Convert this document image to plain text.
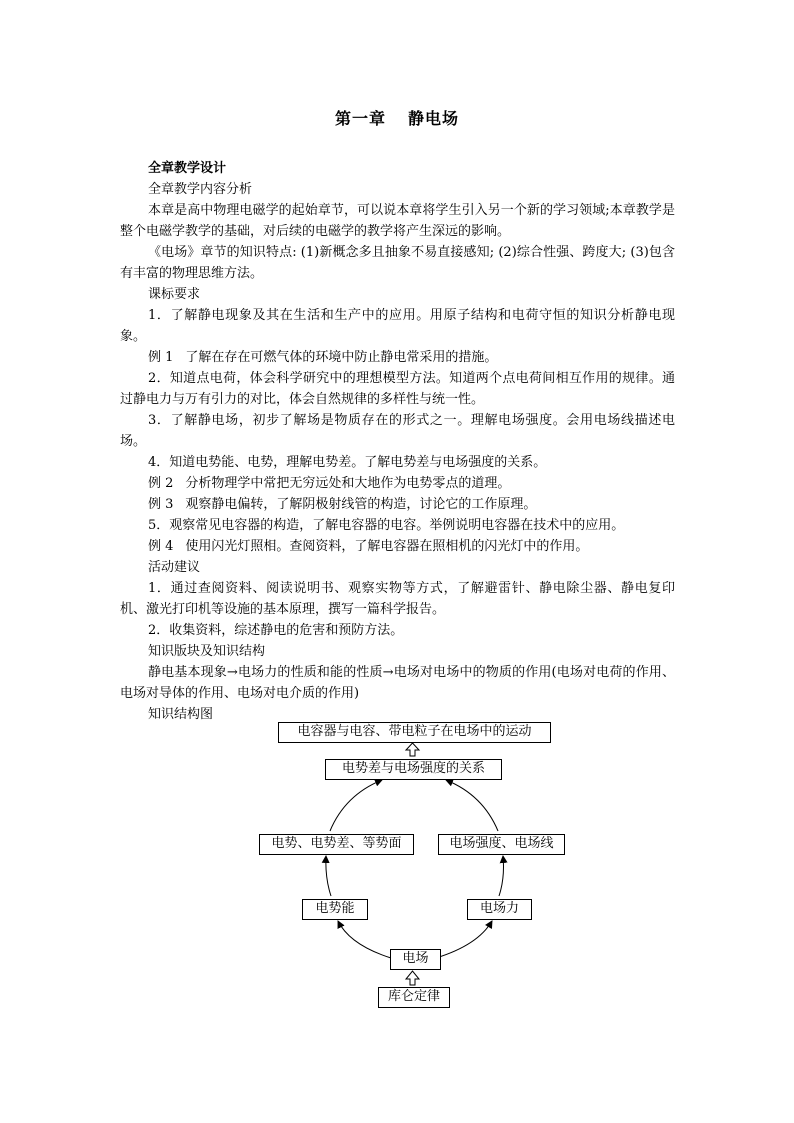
第一章 静电场

全章教学设计

全章教学内容分析

本章是高中物理电磁学的起始章节，可以说本章将学生引入另一个新的学习领域;本章教学是整个电磁学教学的基础，对后续的电磁学的教学将产生深远的影响。

《电场》章节的知识特点: (1)新概念多且抽象不易直接感知; (2)综合性强、跨度大; (3)包含有丰富的物理思维方法。

课标要求

1．了解静电现象及其在生活和生产中的应用。用原子结构和电荷守恒的知识分析静电现象。

例 1 了解在存在可燃气体的环境中防止静电常采用的措施。

2．知道点电荷，体会科学研究中的理想模型方法。知道两个点电荷间相互作用的规律。通过静电力与万有引力的对比，体会自然规律的多样性与统一性。

3．了解静电场，初步了解场是物质存在的形式之一。理解电场强度。会用电场线描述电场。

4．知道电势能、电势，理解电势差。了解电势差与电场强度的关系。

例 2 分析物理学中常把无穷远处和大地作为电势零点的道理。

例 3 观察静电偏转，了解阴极射线管的构造，讨论它的工作原理。

5．观察常见电容器的构造，了解电容器的电容。举例说明电容器在技术中的应用。

例 4 使用闪光灯照相。查阅资料，了解电容器在照相机的闪光灯中的作用。

活动建议

1．通过查阅资料、阅读说明书、观察实物等方式，了解避雷针、静电除尘器、静电复印机、激光打印机等设施的基本原理，撰写一篇科学报告。

2．收集资料，综述静电的危害和预防方法。

知识版块及知识结构

静电基本现象→电场力的性质和能的性质→电场对电场中的物质的作用(电场对电荷的作用、电场对导体的作用、电场对电介质的作用)

知识结构图

电容器与电容、带电粒子在电场中的运动
电势差与电场强度的关系
电势、电势差、等势面	电场强度、电场线
电势能	电场力
电场
库仑定律
